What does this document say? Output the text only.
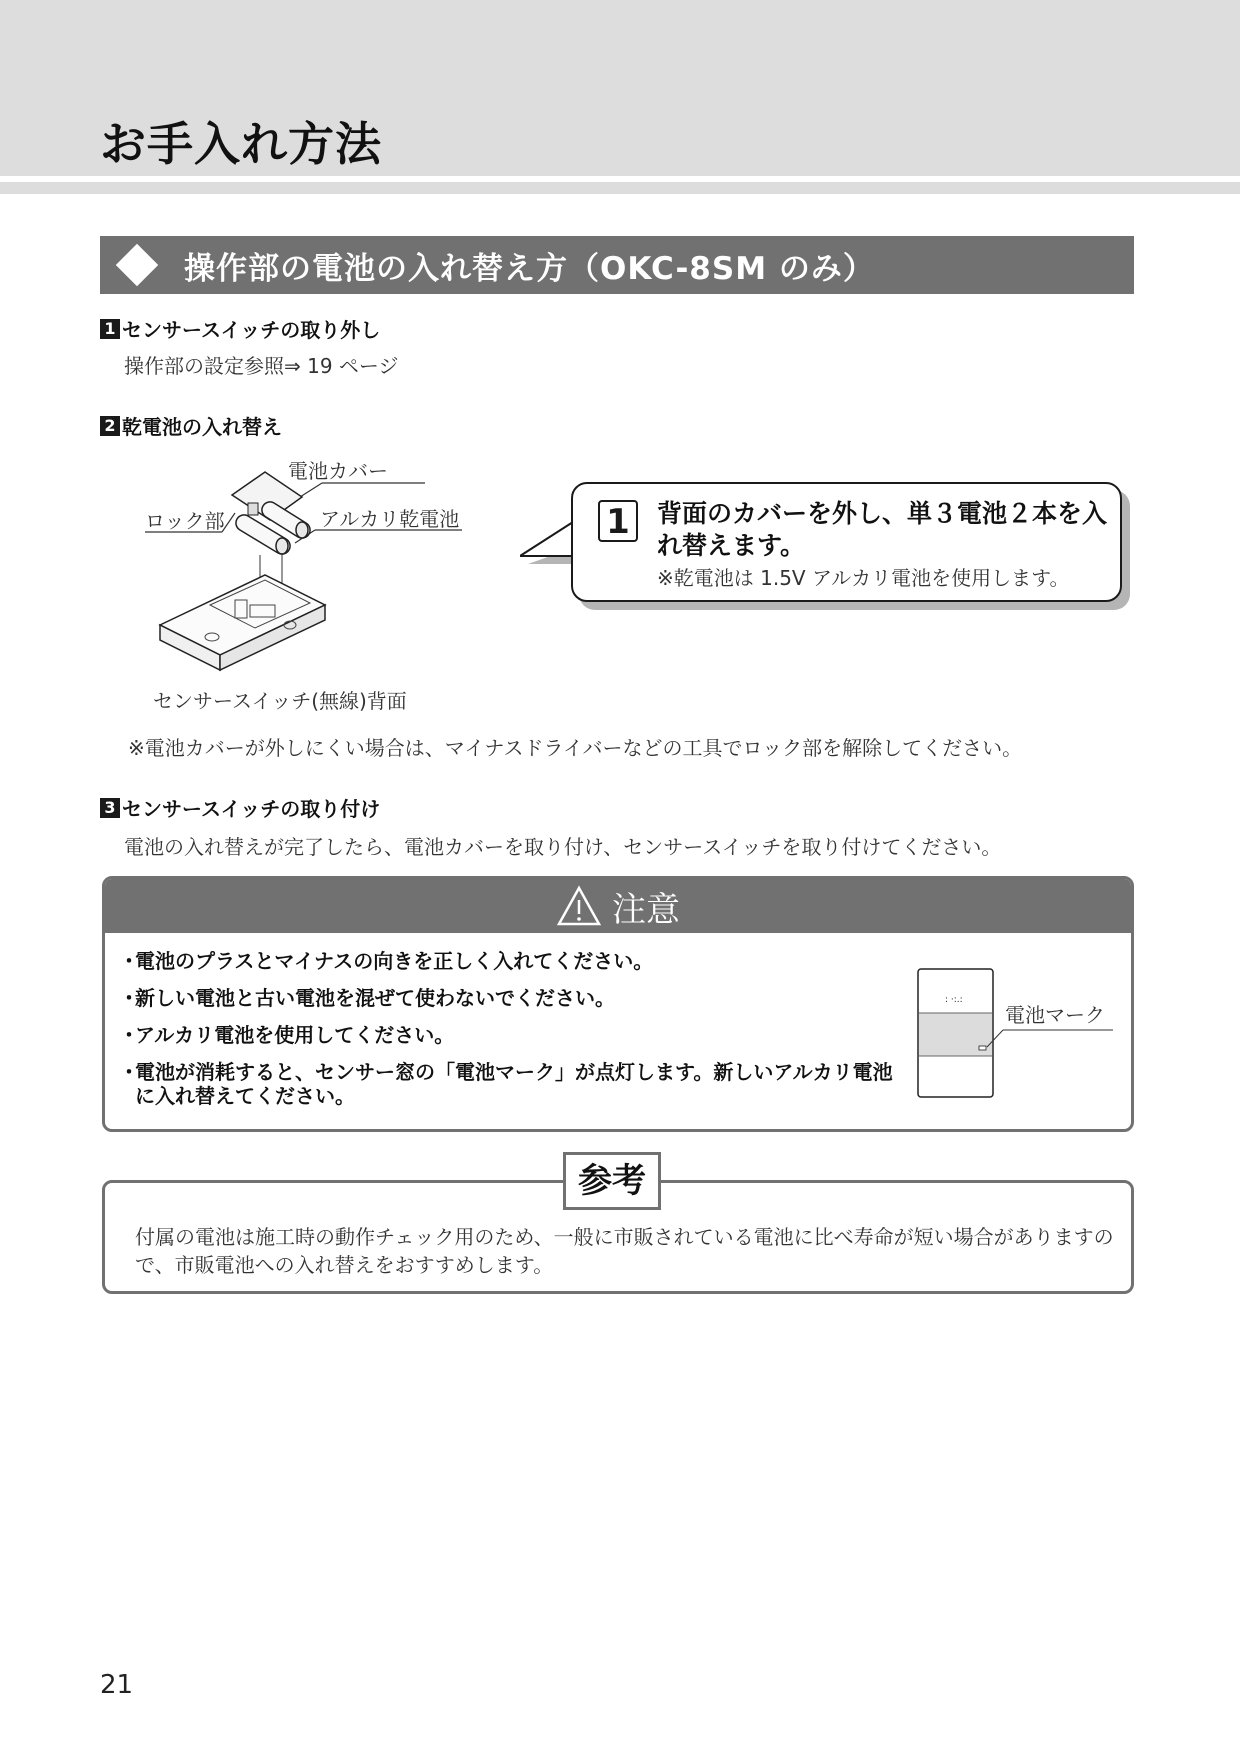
お手入れ方法
操作部の電池の入れ替え方（OKC-8SM のみ）
1 センサースイッチの取り外し
操作部の設定参照⇒ 19 ページ
2 乾電池の入れ替え
電池カバー
ロック部	アルカリ乾電池
センサースイッチ(無線)背面
1	背面のカバーを外し、単３電池２本を入れ替えます。
※乾電池は 1.5V アルカリ電池を使用します。
※電池カバーが外しにくい場合は、マイナスドライバーなどの工具でロック部を解除してください。
3 センサースイッチの取り付け
電池の入れ替えが完了したら、電池カバーを取り付け、センサースイッチを取り付けてください。
注意
・
電池のプラスとマイナスの向きを正しく入れてください。
・
新しい電池と古い電池を混ぜて使わないでください。
・
アルカリ電池を使用してください。
・
電池が消耗すると、センサー窓の「電池マーク」が点灯します。新しいアルカリ電池に入れ替えてください。
: ·:.:
電池マーク
付属の電池は施工時の動作チェック用のため、一般に市販されている電池に比べ寿命が短い場合がありますので、市販電池への入れ替えをおすすめします。
参考
21
